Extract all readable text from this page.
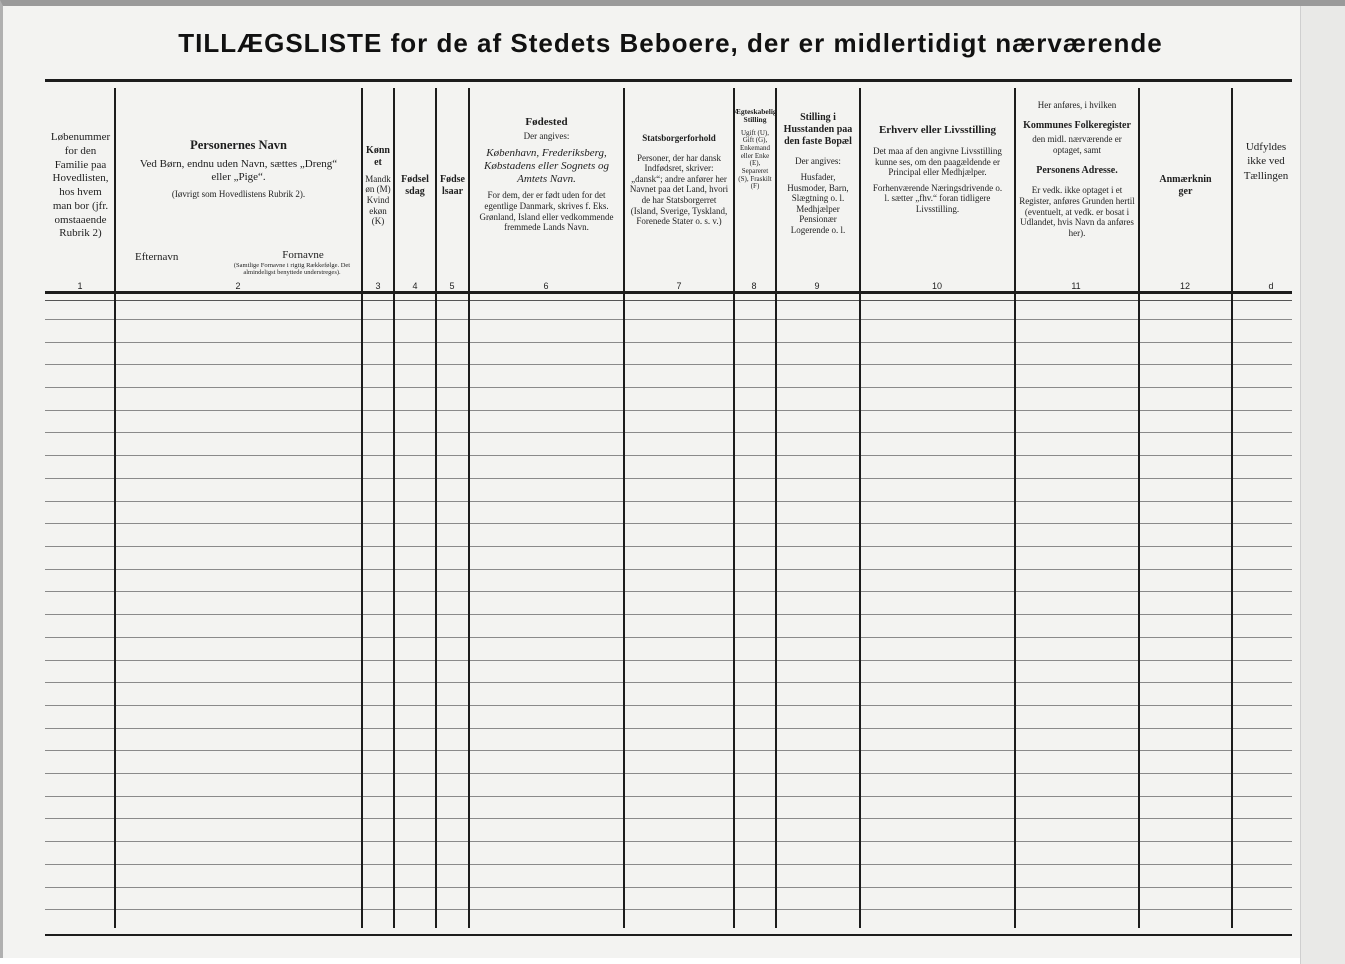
TILLÆGSLISTE for de af Stedets Beboere, der er midlertidigt nærværende
Løbenummer for den Familie paa Hovedlisten, hos hvem man bor (jfr. omstaaende Rubrik 2)
Personernes Navn
Ved Børn, endnu uden Navn, sættes „Dreng“ eller „Pige“.
(Iøvrigt som Hovedlistens Rubrik 2).
Efternavn	Fornavne
(Samtlige Fornavne i rigtig Rækkefølge. Det almindeligst benyttede understreges).
Kønnet
Mandkøn (M) Kvindekøn (K)
Fødselsdag
Fødselsaar
Fødested
Der angives:
København, Frederiksberg, Købstadens eller Sognets og Amtets Navn.
For dem, der er født uden for det egentlige Danmark, skrives f. Eks.
Grønland, Island eller vedkommende fremmede Lands Navn.
Statsborgerforhold
Personer, der har dansk Indfødsret, skriver: „dansk“; andre anfører her Navnet paa det Land, hvori de har Statsborgerret (Island, Sverige, Tyskland, Forenede Stater o. s. v.)
Ægteskabelig Stilling
Ugift (U), Gift (G), Enkemand eller Enke (E), Separeret (S), Fraskilt (F)
Stilling i Husstanden paa den faste Bopæl
Der angives:
Husfader, Husmoder, Barn, Slægtning o. l. Medhjælper Pensionær Logerende o. l.
Erhverv eller Livsstilling
Det maa af den angivne Livsstilling kunne ses, om den paagældende er Principal eller Medhjælper.
Forhenværende Næringsdrivende o. l. sætter „fhv.“ foran tidligere Livsstilling.
Her anføres, i hvilken
Kommunes Folkeregister
den midl. nærværende er optaget, samt
Personens Adresse.
Er vedk. ikke optaget i et Register, anføres Grunden hertil (eventuelt, at vedk. er bosat i Udlandet, hvis Navn da anføres her).
Anmærkninger
Udfyldes ikke ved Tællingen
1	2	3	4	5	6	7	8	9	10	11	12	d
